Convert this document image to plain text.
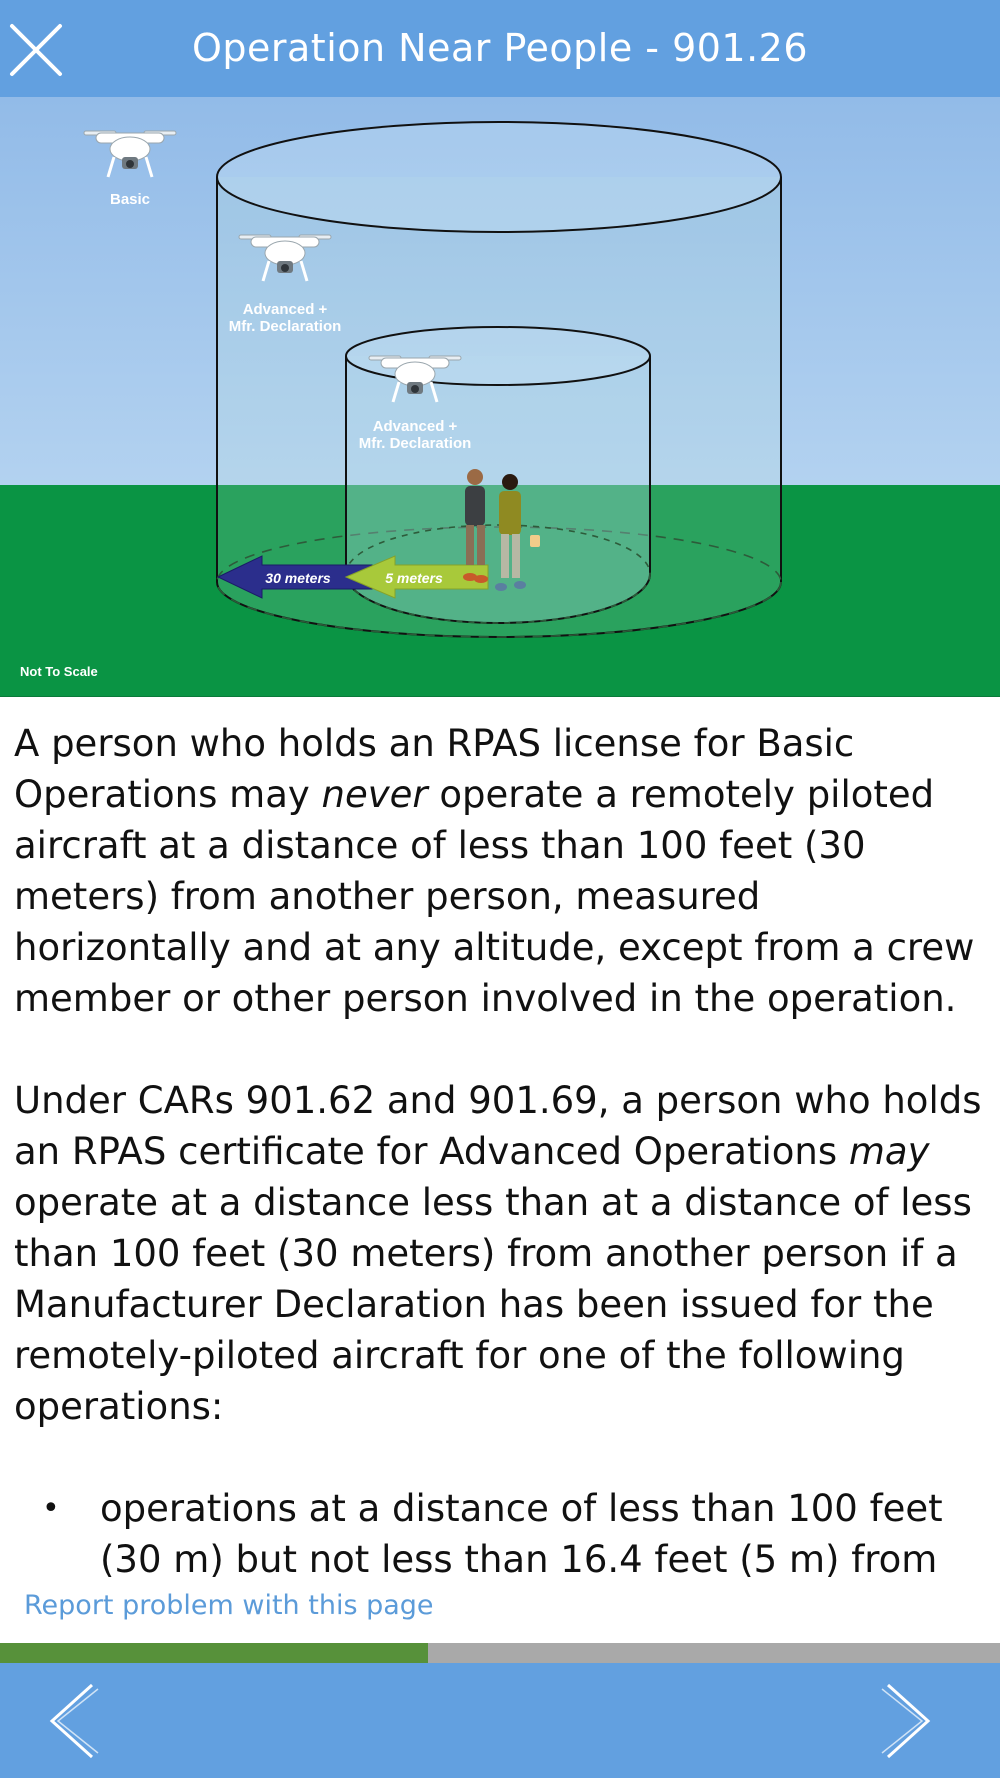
Operation Near People - 901.26
30 meters	5 meters
Basic
Advanced +
Mfr. Declaration
Advanced +
Mfr. Declaration
Not To Scale

A person who holds an RPAS license for Basic Operations may never operate a remotely piloted aircraft at a distance of less than 100 feet (30 meters) from another person, measured horizontally and at any altitude, except from a crew member or other person involved in the operation.

Under CARs 901.62 and 901.69, a person who holds an RPAS certificate for Advanced Operations may operate at a distance less than at a distance of less than 100 feet (30 meters) from another person if a Manufacturer Declaration has been issued for the remotely-piloted aircraft for one of the following operations:

• operations at a distance of less than 100 feet (30 m) but not less than 16.4 feet (5 m) from
Report problem with this page
